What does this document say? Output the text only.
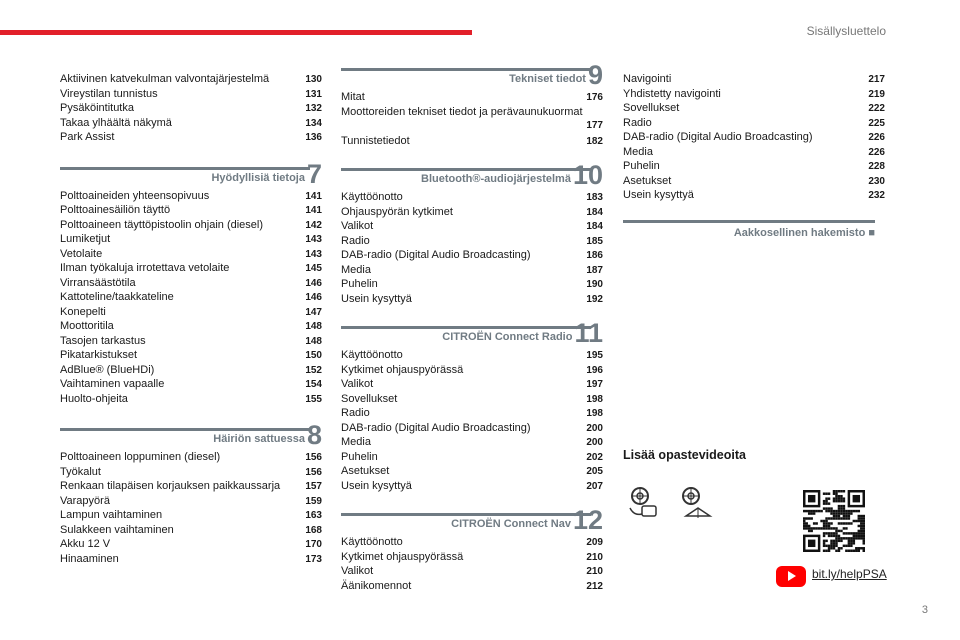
Sisällysluettelo
Aktiivinen katvekulman valvontajärjestelmä	130
Vireystilan tunnistus	131
Pysäköintitutka	132
Takaa ylhäältä näkymä	134
Park Assist	136
Hyödyllisiä tietoja 7
Polttoaineiden yhteensopivuus	141
Polttoainesäiliön täyttö	141
Polttoaineen täyttöpistoolin ohjain (diesel)	142
Lumiketjut	143
Vetolaite	143
Ilman työkaluja irrotettava vetolaite	145
Virransäästötila	146
Kattoteline/taakkateline	146
Konepelti	147
Moottoritila	148
Tasojen tarkastus	148
Pikatarkistukset	150
AdBlue® (BlueHDi)	152
Vaihtaminen vapaalle	154
Huolto-ohjeita	155
Häiriön sattuessa 8
Polttoaineen loppuminen (diesel)	156
Työkalut	156
Renkaan tilapäisen korjauksen paikkaussarja	157
Varapyörä	159
Lampun vaihtaminen	163
Sulakkeen vaihtaminen	168
Akku 12 V	170
Hinaaminen	173
Tekniset tiedot 9
Mitat	176
Moottoreiden tekniset tiedot ja perävaunukuormat
177
Tunnistetiedot	182
Bluetooth®-audiojärjestelmä 10
Käyttöönotto	183
Ohjauspyörän kytkimet	184
Valikot	184
Radio	185
DAB-radio (Digital Audio Broadcasting)	186
Media	187
Puhelin	190
Usein kysyttyä	192
CITROËN Connect Radio 11
Käyttöönotto	195
Kytkimet ohjauspyörässä	196
Valikot	197
Sovellukset	198
Radio	198
DAB-radio (Digital Audio Broadcasting)	200
Media	200
Puhelin	202
Asetukset	205
Usein kysyttyä	207
CITROËN Connect Nav 12
Käyttöönotto	209
Kytkimet ohjauspyörässä	210
Valikot	210
Äänikomennot	212
Navigointi	217
Yhdistetty navigointi	219
Sovellukset	222
Radio	225
DAB-radio (Digital Audio Broadcasting)	226
Media	226
Puhelin	228
Asetukset	230
Usein kysyttyä	232
Aakkosellinen hakemisto ■
Lisää opastevideoita
bit.ly/helpPSA
3
